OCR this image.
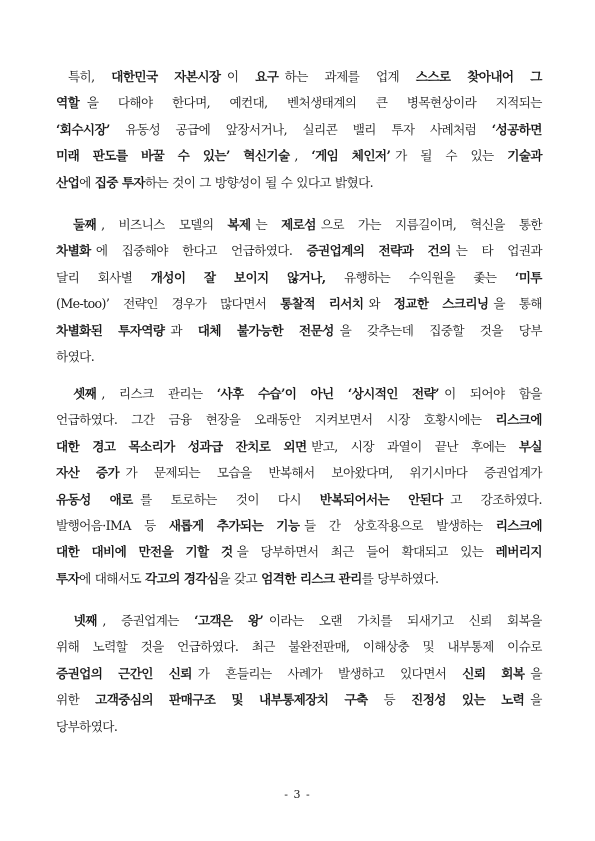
　특히, 대한민국 자본시장 이 요구 하는 과제를 업계 스스로 찾아내어 그
역할 을 다해야 한다며, 예컨대, 벤처생태계의 큰 병목현상이라 지적되는
‘회수시장’ 유동성 공급에 앞장서거나, 실리콘 밸리 투자 사례처럼 ‘성공하면
미래 판도를 바꿀 수 있는’ 혁신기술 , ‘게임 체인저’ 가 될 수 있는 기술과
산업 에 집중 투자 하는 것이 그 방향성이 될 수 있다고 밝혔다.

둘째 , 비즈니스 모델의 복제 는 제로섬 으로 가는 지름길이며, 혁신을 통한
차별화 에 집중해야 한다고 언급하였다. 증권업계의 전략과 건의 는 타 업권과
달리 회사별 개성이 잘 보이지 않거나, 유행하는 수익원을 좇는 ‘미투
(Me-too)’ 전략인 경우가 많다면서 통찰적 리서치 와 정교한 스크리닝 을 통해
차별화된 투자역량 과 대체 불가능한 전문성 을 갖추는데 집중할 것을 당부
하였다.

셋째 , 리스크 관리는 ‘사후 수습’이 아닌 ‘상시적인 전략’ 이 되어야 함을
언급하였다. 그간 금융 현장을 오래동안 지켜보면서 시장 호황시에는 리스크에
대한 경고 목소리가 성과급 잔치로 외면 받고, 시장 과열이 끝난 후에는 부실
자산 증가 가 문제되는 모습을 반복해서 보아왔다며, 위기시마다 증권업계가
유동성 애로 를 토로하는 것이 다시 반복되어서는 안된다 고 강조하였다.
발행어음·IMA 등 새롭게 추가되는 기능 들 간 상호작용으로 발생하는 리스크에
대한 대비에 만전을 기할 것 을 당부하면서 최근 들어 확대되고 있는 레버리지
투자 에 대해서도 각고의 경각심 을 갖고 엄격한 리스크 관리 를 당부하였다.

넷째 , 증권업계는 ‘고객은 왕’ 이라는 오랜 가치를 되새기고 신뢰 회복을
위해 노력할 것을 언급하였다. 최근 불완전판매, 이해상충 및 내부통제 이슈로
증권업의 근간인 신뢰 가 흔들리는 사례가 발생하고 있다면서 신뢰 회복 을
위한 고객중심의 판매구조 및 내부통제장치 구축 등 진정성 있는 노력 을
당부하였다.
- 3 -
